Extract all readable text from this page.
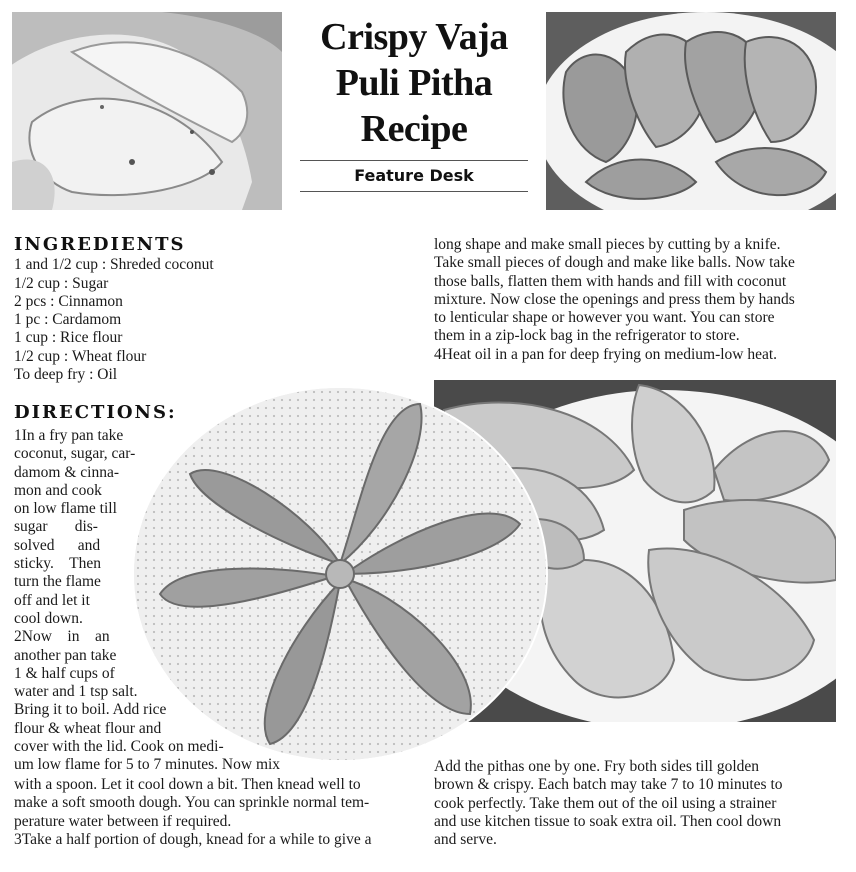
Crispy Vaja
Puli Pitha
Recipe
Feature Desk
INGREDIENTS
1 and 1/2 cup : Shreded coconut
1/2 cup : Sugar
2 pcs : Cinnamon
1 pc : Cardamom
1 cup : Rice flour
1/2 cup : Wheat flour
To deep fry : Oil
DIRECTIONS:
1In a fry pan take
coconut, sugar, car-
damom & cinna-
mon and cook
on low flame till
sugar       dis-
solved      and
sticky.    Then
turn the flame
off and let it
cool down.
2Now    in    an
another pan take
1 & half cups of
water and 1 tsp salt.
Bring it to boil. Add rice
flour & wheat flour and
cover with the lid. Cook on medi-
um low flame for 5 to 7 minutes. Now mix
with a spoon. Let it cool down a bit. Then knead well to
make a soft smooth dough. You can sprinkle normal tem-
perature water between if required.
3Take a half portion of dough, knead for a while to give a
long shape and make small pieces by cutting by a knife.
Take small pieces of dough and make like balls. Now take
those balls, flatten them with hands and fill with coconut
mixture. Now close the openings and press them by hands
to lenticular shape or however you want. You can store
them in a zip-lock bag in the refrigerator to store.
4Heat oil in a pan for deep frying on medium-low heat.
Add the pithas one by one. Fry both sides till golden
brown & crispy. Each batch may take 7 to 10 minutes to
cook perfectly. Take them out of the oil using a strainer
and use kitchen tissue to soak extra oil. Then cool down
and serve.
